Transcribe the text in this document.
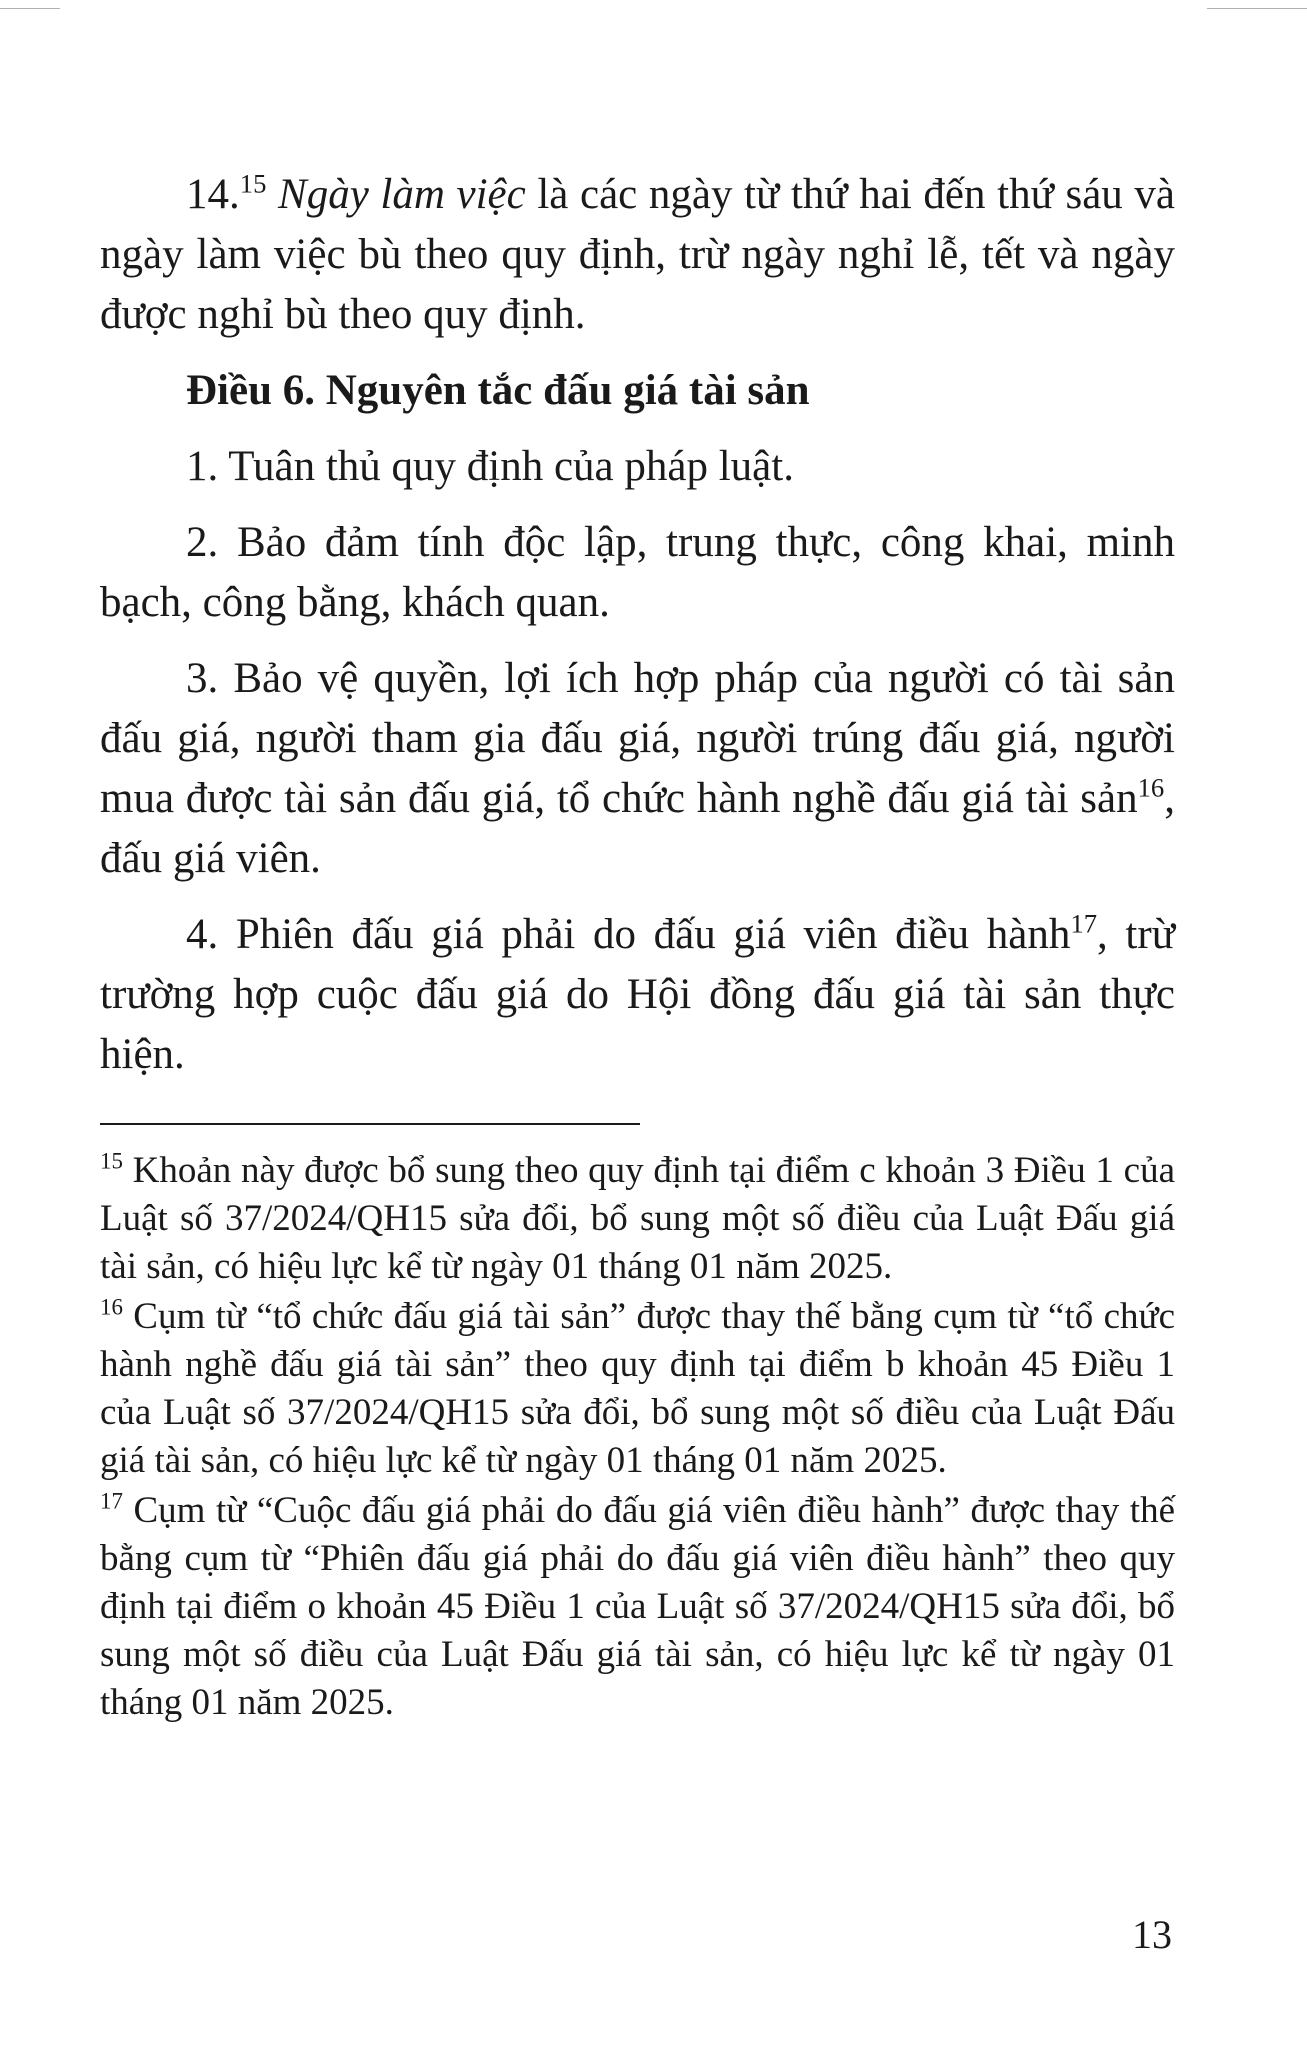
14.15 Ngày làm việc là các ngày từ thứ hai đến thứ sáu và ngày làm việc bù theo quy định, trừ ngày nghỉ lễ, tết và ngày được nghỉ bù theo quy định.

Điều 6. Nguyên tắc đấu giá tài sản

1. Tuân thủ quy định của pháp luật.

2. Bảo đảm tính độc lập, trung thực, công khai, minh bạch, công bằng, khách quan.

3. Bảo vệ quyền, lợi ích hợp pháp của người có tài sản đấu giá, người tham gia đấu giá, người trúng đấu giá, người mua được tài sản đấu giá, tổ chức hành nghề đấu giá tài sản$^{16}$, đấu giá viên.

4. Phiên đấu giá phải do đấu giá viên điều hành$^{17}$, trừ trường hợp cuộc đấu giá do Hội đồng đấu giá tài sản thực hiện.

$^{15}$ Khoản này được bổ sung theo quy định tại điểm c khoản 3 Điều 1 của Luật số 37/2024/QH15 sửa đổi, bổ sung một số điều của Luật Đấu giá tài sản, có hiệu lực kể từ ngày 01 tháng 01 năm 2025.

$^{16}$ Cụm từ “tổ chức đấu giá tài sản” được thay thế bằng cụm từ “tổ chức hành nghề đấu giá tài sản” theo quy định tại điểm b khoản 45 Điều 1 của Luật số 37/2024/QH15 sửa đổi, bổ sung một số điều của Luật Đấu giá tài sản, có hiệu lực kể từ ngày 01 tháng 01 năm 2025.

$^{17}$ Cụm từ “Cuộc đấu giá phải do đấu giá viên điều hành” được thay thế bằng cụm từ “Phiên đấu giá phải do đấu giá viên điều hành” theo quy định tại điểm o khoản 45 Điều 1 của Luật số 37/2024/QH15 sửa đổi, bổ sung một số điều của Luật Đấu giá tài sản, có hiệu lực kể từ ngày 01 tháng 01 năm 2025.

13
